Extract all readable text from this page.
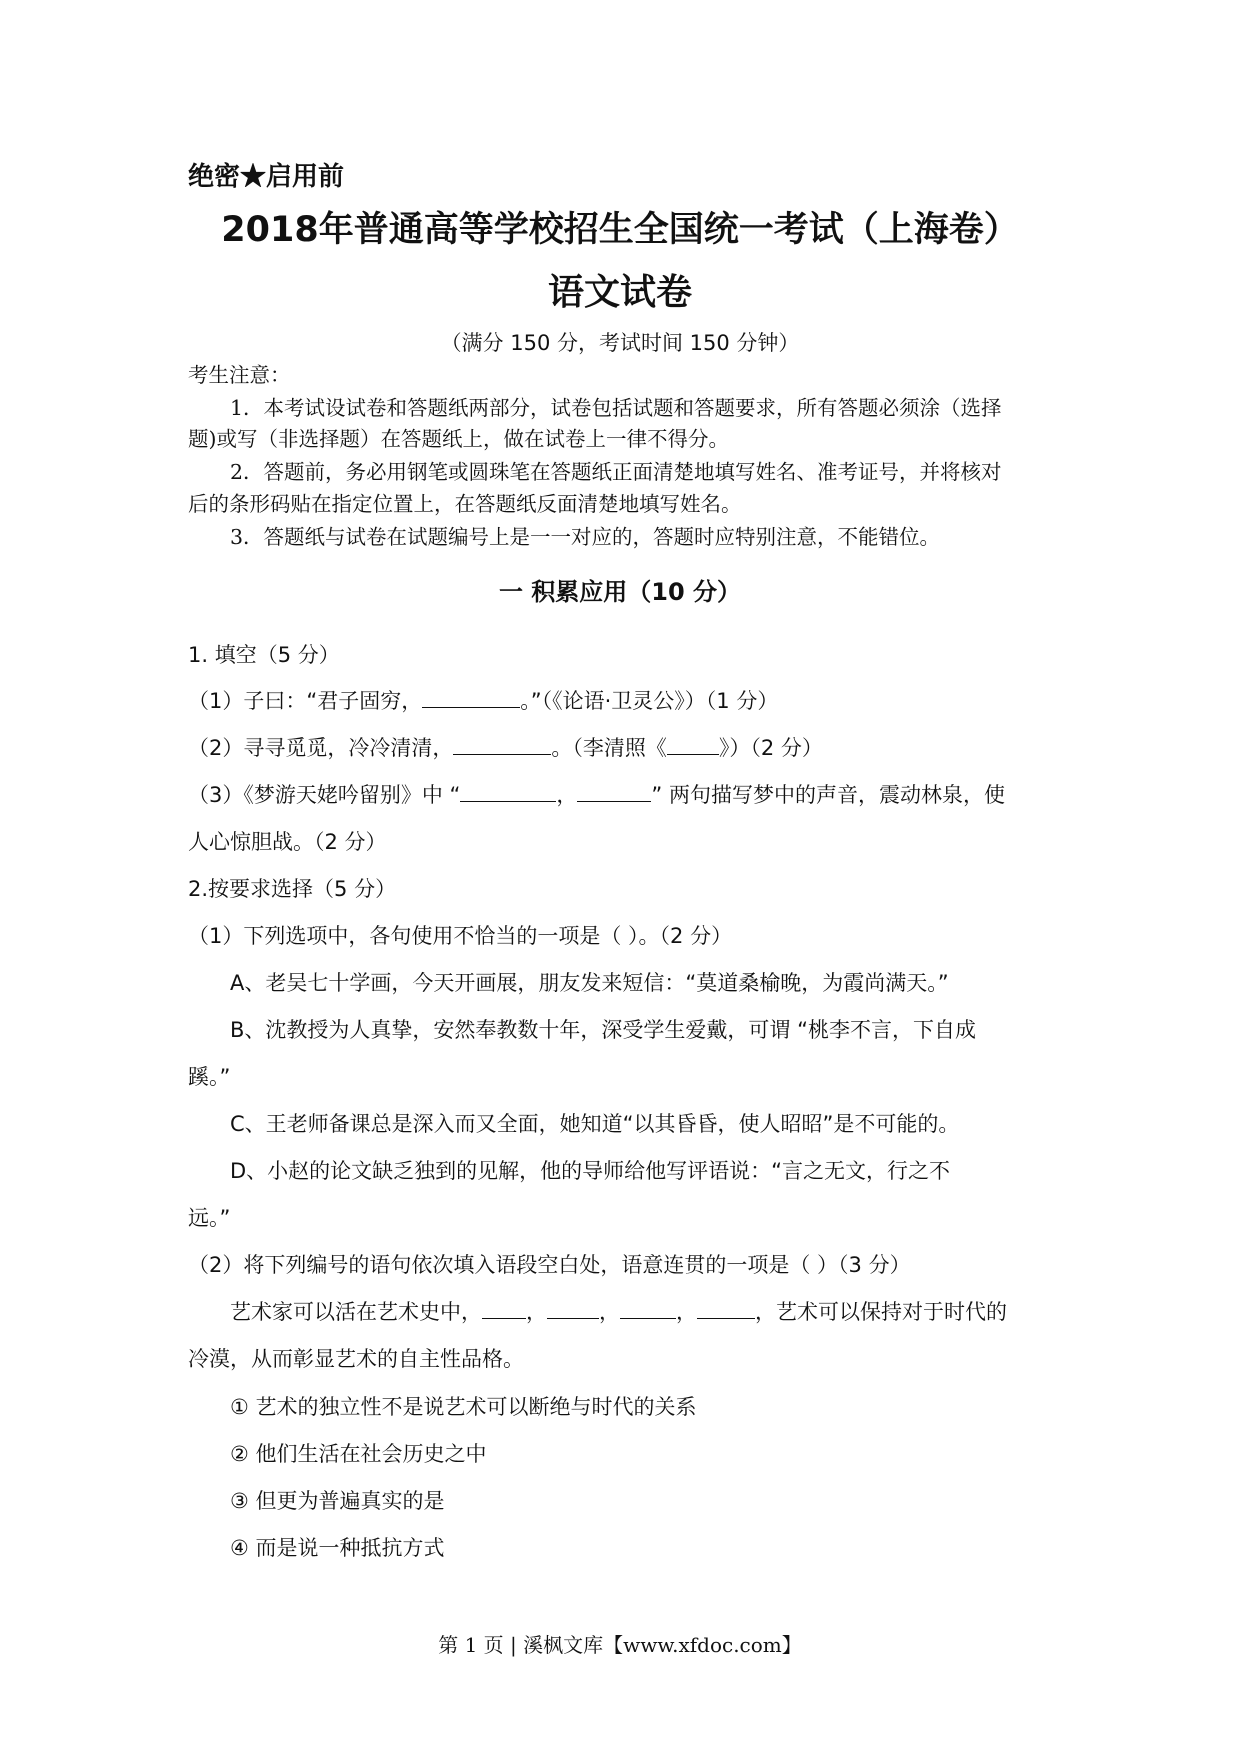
绝密★启用前
2018年普通高等学校招生全国统一考试（上海卷）
语文试卷
（满分 150 分，考试时间 150 分钟）
考生注意：
1．本考试设试卷和答题纸两部分，试卷包括试题和答题要求，所有答题必须涂（选择
题)或写（非选择题）在答题纸上，做在试卷上一律不得分。
2．答题前，务必用钢笔或圆珠笔在答题纸正面清楚地填写姓名、准考证号，并将核对
后的条形码贴在指定位置上，在答题纸反面清楚地填写姓名。
3．答题纸与试卷在试题编号上是一一对应的，答题时应特别注意，不能错位。
一 积累应用（10 分）
1. 填空（5 分）
（1）子曰：“君子固穷，	。”（《论语·卫灵公》）（1 分）
（2）寻寻觅觅，冷冷清清，	。（李清照《 》）（2 分）
（3）《梦游天姥吟留别》中 “	，	” 两句描写梦中的声音，震动林泉，使
人心惊胆战。（2 分）
2.按要求选择（5 分）
（1）下列选项中，各句使用不恰当的一项是（ ）。（2 分）
A、老吴七十学画，今天开画展，朋友发来短信：“莫道桑榆晚，为霞尚满天。”
B、沈教授为人真挚，安然奉教数十年，深受学生爱戴，可谓 “桃李不言，下自成
蹊。”
C、王老师备课总是深入而又全面，她知道“以其昏昏，使人昭昭”是不可能的。
D、小赵的论文缺乏独到的见解，他的导师给他写评语说：“言之无文，行之不
远。”
（2）将下列编号的语句依次填入语段空白处，语意连贯的一项是（ ）（3 分）
艺术家可以活在艺术史中， ， ，	，	，艺术可以保持对于时代的
冷漠，从而彰显艺术的自主性品格。
① 艺术的独立性不是说艺术可以断绝与时代的关系
② 他们生活在社会历史之中
③ 但更为普遍真实的是
④ 而是说一种抵抗方式
第 1 页 | 溪枫文库【www.xfdoc.com】
